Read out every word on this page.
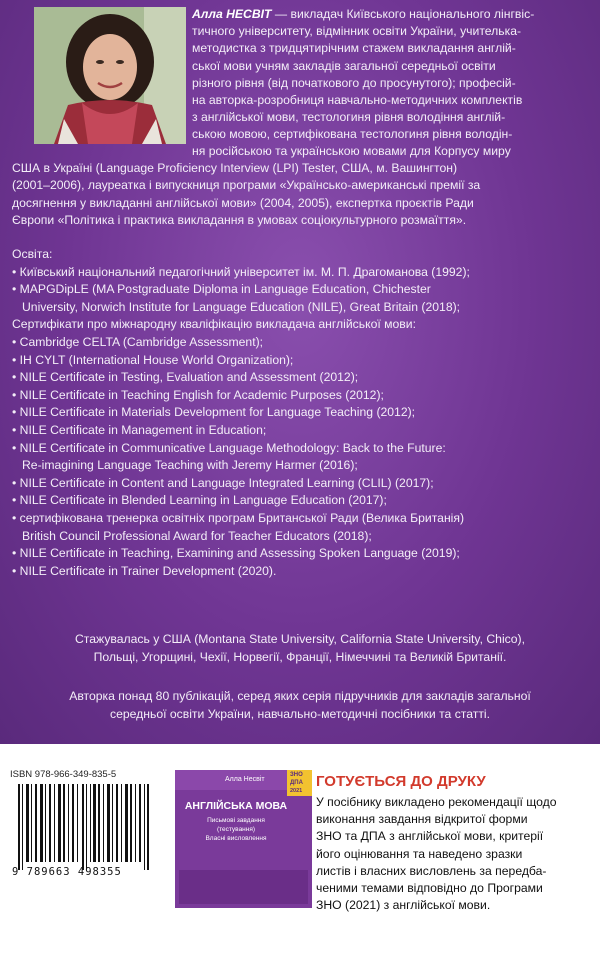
Алла НЕСВІТ — викладач Київського національного лінгвіс-
тичного університету, відмінник освіти України, учителька-
методистка з тридцятирічним стажем викладання англій-
ської мови учням закладів загальної середньої освіти
різного рівня (від початкового до просунутого); професій-
на авторка-розробниця навчально-методичних комплектів
з англійської мови, тестологиня рівня володіння англій-
ською мовою, сертифікована тестологиня рівня володін-
ня російською та українською мовами для Корпусу миру
США в Україні (Language Proficiency Interview (LPI) Tester, США, м. Вашингтон)
(2001–2006), лауреатка і випускниця програми «Українсько-американські премії за
досягнення у викладанні англійської мови» (2004, 2005), експертка проєктів Ради
Європи «Політика і практика викладання в умовах соціокультурного розмаїття».
Освіта:
• Київський національний педагогічний університет ім. М. П. Драгоманова (1992);
• MAPGDipLE (MA Postgraduate Diploma in Language Education, Chichester
University, Norwich Institute for Language Education (NILE), Great Britain (2018);
Сертифікати про міжнародну кваліфікацію викладача англійської мови:
• Cambridge CELTA (Cambridge Assessment);
• IH CYLT (International House World Organization);
• NILE Certificate in Testing, Evaluation and Assessment (2012);
• NILE Certificate in Teaching English for Academic Purposes (2012);
• NILE Certificate in Materials Development for Language Teaching (2012);
• NILE Certificate in Management in Education;
• NILE Certificate in Communicative Language Methodology: Back to the Future:
Re-imagining Language Teaching with Jeremy Harmer (2016);
• NILE Certificate in Content and Language Integrated Learning (CLIL) (2017);
• NILE Certificate in Blended Learning in Language Education (2017);
• сертифікована тренерка освітніх програм Британської Ради (Велика Британія)
British Council Professional Award for Teacher Educators (2018);
• NILE Certificate in Teaching, Examining and Assessing Spoken Language (2019);
• NILE Certificate in Trainer Development (2020).
Стажувалась у США (Montana State University, California State University, Chico),
Польщі, Угорщині, Чехії, Норвегії, Франції, Німеччині та Великій Британії.
Авторка понад 80 публікацій, серед яких серія підручників для закладів загальної
середньої освіти України, навчально-методичні посібники та статті.
ISBN 978-966-349-835-5
9 789663 498355
Алла Несвіт
ЗНО
ДПА
2021
АНГЛІЙСЬКА МОВА
Письмові завдання
(тестування)
Власні висловлення
ГОТУЄТЬСЯ ДО ДРУКУ
У посібнику викладено рекомендації щодо
виконання завдання відкритої форми
ЗНО та ДПА з англійської мови, критерії
його оцінювання та наведено зразки
листів і власних висловлень за передба-
ченими темами відповідно до Програми
ЗНО (2021) з англійської мови.
